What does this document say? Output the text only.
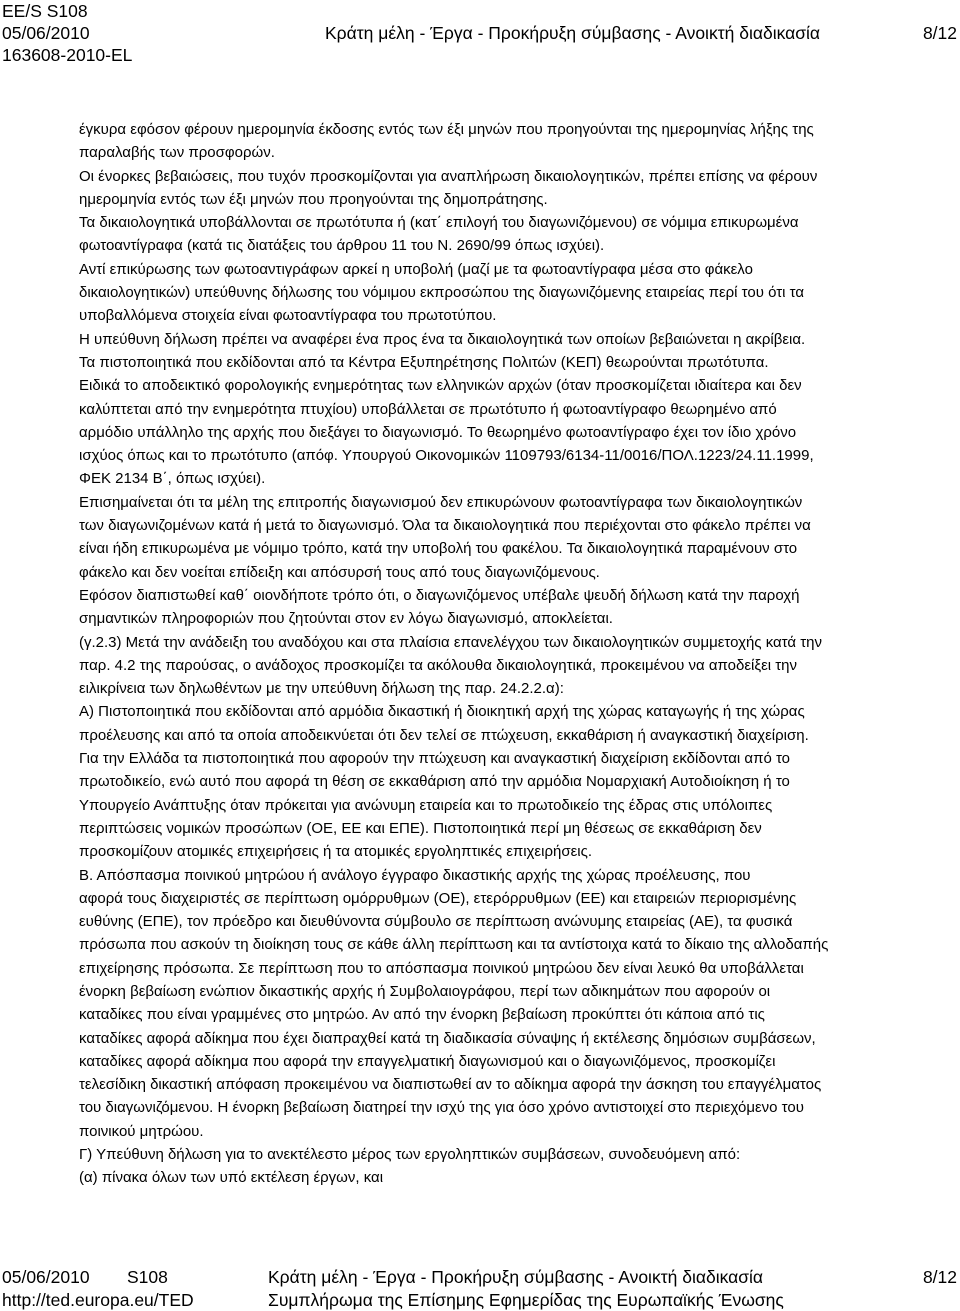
EE/S S108
05/06/2010
163608-2010-EL
Κράτη μέλη - Έργα - Προκήρυξη σύμβασης - Ανοικτή διαδικασία	8/12

έγκυρα εφόσον φέρουν ημερομηνία έκδοσης εντός των έξι μηνών που προηγούνται της ημερομηνίας λήξης της

παραλαβής των προσφορών.

Οι ένορκες βεβαιώσεις, που τυχόν προσκομίζονται για αναπλήρωση δικαιολογητικών, πρέπει επίσης να φέρουν

ημερομηνία εντός των έξι μηνών που προηγούνται της δημοπράτησης.

Τα δικαιολογητικά υποβάλλονται σε πρωτότυπα ή (κατ΄ επιλογή του διαγωνιζόμενου) σε νόμιμα επικυρωμένα

φωτοαντίγραφα (κατά τις διατάξεις του άρθρου 11 του Ν. 2690/99 όπως ισχύει).

Αντί επικύρωσης των φωτοαντιγράφων αρκεί η υποβολή (μαζί με τα φωτοαντίγραφα μέσα στο φάκελο

δικαιολογητικών) υπεύθυνης δήλωσης του νόμιμου εκπροσώπου της διαγωνιζόμενης εταιρείας περί του ότι τα

υποβαλλόμενα στοιχεία είναι φωτοαντίγραφα του πρωτοτύπου.

Η υπεύθυνη δήλωση πρέπει να αναφέρει ένα προς ένα τα δικαιολογητικά των οποίων βεβαιώνεται η ακρίβεια.

Τα πιστοποιητικά που εκδίδονται από τα Κέντρα Εξυπηρέτησης Πολιτών (ΚΕΠ) θεωρούνται πρωτότυπα.

Ειδικά το αποδεικτικό φορολογικής ενημερότητας των ελληνικών αρχών (όταν προσκομίζεται ιδιαίτερα και δεν

καλύπτεται από την ενημερότητα πτυχίου) υποβάλλεται σε πρωτότυπο ή φωτοαντίγραφο θεωρημένο από

αρμόδιο υπάλληλο της αρχής που διεξάγει το διαγωνισμό. Το θεωρημένο φωτοαντίγραφο έχει τον ίδιο χρόνο

ισχύος όπως και το πρωτότυπο (απόφ. Υπουργού Οικονομικών 1109793/6134-11/0016/ΠΟΛ.1223/24.11.1999,

ΦΕΚ 2134 Β΄, όπως ισχύει).

Επισημαίνεται ότι τα μέλη της επιτροπής διαγωνισμού δεν επικυρώνουν φωτοαντίγραφα των δικαιολογητικών

των διαγωνιζομένων κατά ή μετά το διαγωνισμό. Όλα τα δικαιολογητικά που περιέχονται στο φάκελο πρέπει να

είναι ήδη επικυρωμένα με νόμιμο τρόπο, κατά την υποβολή του φακέλου. Τα δικαιολογητικά παραμένουν στο

φάκελο και δεν νοείται επίδειξη και απόσυρσή τους από τους διαγωνιζόμενους.

Εφόσον διαπιστωθεί καθ΄ οιονδήποτε τρόπο ότι, ο διαγωνιζόμενος υπέβαλε ψευδή δήλωση κατά την παροχή

σημαντικών πληροφοριών που ζητούνται στον εν λόγω διαγωνισμό, αποκλείεται.

(γ.2.3) Μετά την ανάδειξη του αναδόχου και στα πλαίσια επανελέγχου των δικαιολογητικών συμμετοχής κατά την

παρ. 4.2 της παρούσας, ο ανάδοχος προσκομίζει τα ακόλουθα δικαιολογητικά, προκειμένου να αποδείξει την

ειλικρίνεια των δηλωθέντων με την υπεύθυνη δήλωση της παρ. 24.2.2.α):

Α) Πιστοποιητικά που εκδίδονται από αρμόδια δικαστική ή διοικητική αρχή της χώρας καταγωγής ή της χώρας

προέλευσης και από τα οποία αποδεικνύεται ότι δεν τελεί σε πτώχευση, εκκαθάριση ή αναγκαστική διαχείριση.

Για την Ελλάδα τα πιστοποιητικά που αφορούν την πτώχευση και αναγκαστική διαχείριση εκδίδονται από το

πρωτοδικείο, ενώ αυτό που αφορά τη θέση σε εκκαθάριση από την αρμόδια Νομαρχιακή Αυτοδιοίκηση ή το

Υπουργείο Ανάπτυξης όταν πρόκειται για ανώνυμη εταιρεία και το πρωτοδικείο της έδρας στις υπόλοιπες

περιπτώσεις νομικών προσώπων (ΟΕ, ΕΕ και ΕΠΕ). Πιστοποιητικά περί μη θέσεως σε εκκαθάριση δεν

προσκομίζουν ατομικές επιχειρήσεις ή τα ατομικές εργοληπτικές επιχειρήσεις.

Β. Απόσπασμα ποινικού μητρώου ή ανάλογο έγγραφο δικαστικής αρχής της χώρας προέλευσης, που

αφορά τους διαχειριστές σε περίπτωση ομόρρυθμων (ΟΕ), ετερόρρυθμων (ΕΕ) και εταιρειών περιορισμένης

ευθύνης (ΕΠΕ), τον πρόεδρο και διευθύνοντα σύμβουλο σε περίπτωση ανώνυμης εταιρείας (ΑΕ), τα φυσικά

πρόσωπα που ασκούν τη διοίκηση τους σε κάθε άλλη περίπτωση και τα αντίστοιχα κατά το δίκαιο της αλλοδαπής

επιχείρησης πρόσωπα. Σε περίπτωση που το απόσπασμα ποινικού μητρώου δεν είναι λευκό θα υποβάλλεται

ένορκη βεβαίωση ενώπιον δικαστικής αρχής ή Συμβολαιογράφου, περί των αδικημάτων που αφορούν οι

καταδίκες που είναι γραμμένες στο μητρώο. Αν από την ένορκη βεβαίωση προκύπτει ότι κάποια από τις

καταδίκες αφορά αδίκημα που έχει διαπραχθεί κατά τη διαδικασία σύναψης ή εκτέλεσης δημόσιων συμβάσεων,

καταδίκες αφορά αδίκημα που αφορά την επαγγελματική διαγωνισμού και ο διαγωνιζόμενος, προσκομίζει

τελεσίδικη δικαστική απόφαση προκειμένου να διαπιστωθεί αν το αδίκημα αφορά την άσκηση του επαγγέλματος

του διαγωνιζόμενου. Η ένορκη βεβαίωση διατηρεί την ισχύ της για όσο χρόνο αντιστοιχεί στο περιεχόμενο του

ποινικού μητρώου.

Γ) Υπεύθυνη δήλωση για το ανεκτέλεστο μέρος των εργοληπτικών συμβάσεων, συνοδευόμενη από:

(α) πίνακα όλων των υπό εκτέλεση έργων, και

05/06/2010 S108	Κράτη μέλη - Έργα - Προκήρυξη σύμβασης - Ανοικτή διαδικασία	8/12
http://ted.europa.eu/TED	Συμπλήρωμα της Επίσημης Εφημερίδας της Ευρωπαϊκής Ένωσης
